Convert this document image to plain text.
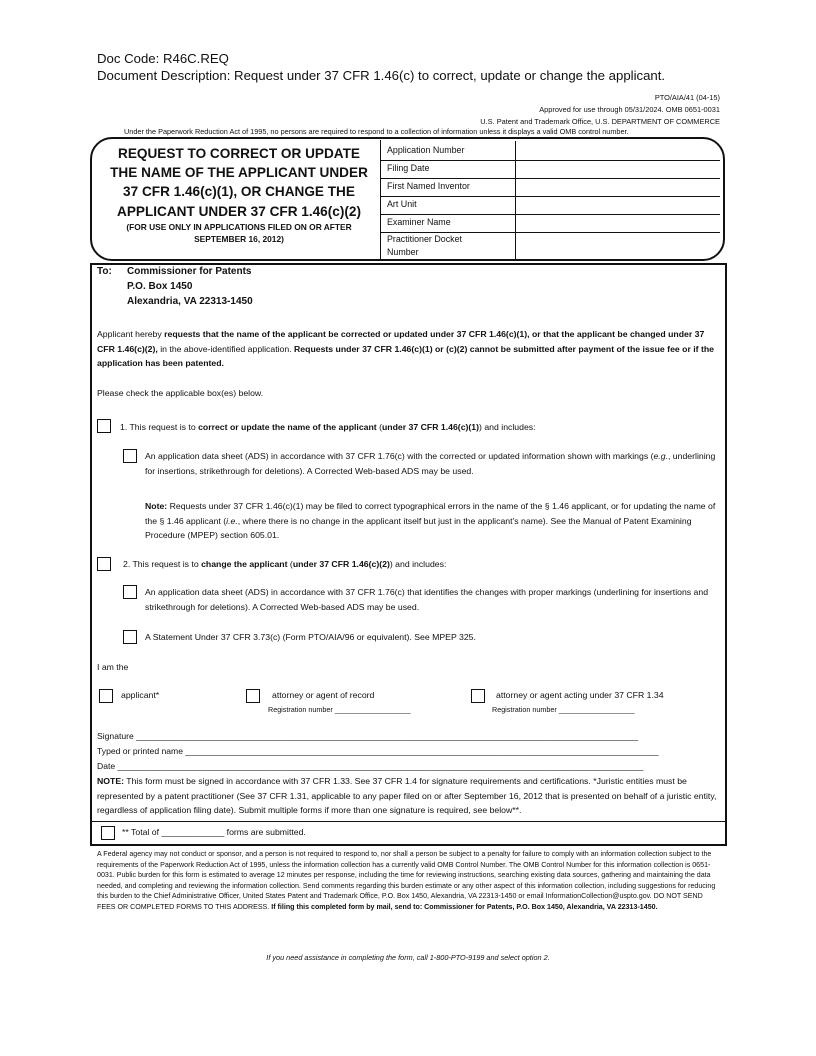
Doc Code: R46C.REQ
Document Description: Request under 37 CFR 1.46(c) to correct, update or change the applicant.
PTO/AIA/41 (04-15)
Approved for use through 05/31/2024. OMB 0651-0031
U.S. Patent and Trademark Office, U.S. DEPARTMENT OF COMMERCE
Under the Paperwork Reduction Act of 1995, no persons are required to respond to a collection of information unless it displays a valid OMB control number.
REQUEST TO CORRECT OR UPDATE
THE NAME OF THE APPLICANT UNDER
37 CFR 1.46(c)(1), OR CHANGE THE
APPLICANT UNDER 37 CFR 1.46(c)(2)
(FOR USE ONLY IN APPLICATIONS FILED ON OR AFTER
SEPTEMBER 16, 2012)
Application Number
Filing Date
First Named Inventor
Art Unit
Examiner Name
Practitioner Docket
Number
To: Commissioner for Patents
P.O. Box 1450
Alexandria, VA 22313-1450
Applicant hereby requests that the name of the applicant be corrected or updated under 37 CFR 1.46(c)(1), or that the applicant be changed under 37 CFR 1.46(c)(2), in the above-identified application. Requests under 37 CFR 1.46(c)(1) or (c)(2) cannot be submitted after payment of the issue fee or if the application has been patented.
Please check the applicable box(es) below.
1. This request is to correct or update the name of the applicant (under 37 CFR 1.46(c)(1)) and includes:
An application data sheet (ADS) in accordance with 37 CFR 1.76(c) with the corrected or updated information shown with markings (e.g., underlining for insertions, strikethrough for deletions). A Corrected Web-based ADS may be used.
Note: Requests under 37 CFR 1.46(c)(1) may be filed to correct typographical errors in the name of the § 1.46 applicant, or for updating the name of the § 1.46 applicant (i.e., where there is no change in the applicant itself but just in the applicant’s name). See the Manual of Patent Examining Procedure (MPEP) section 605.01.
2. This request is to change the applicant (under 37 CFR 1.46(c)(2)) and includes:
An application data sheet (ADS) in accordance with 37 CFR 1.76(c) that identifies the changes with proper markings (underlining for insertions and strikethrough for deletions). A Corrected Web-based ADS may be used.
A Statement Under 37 CFR 3.73(c) (Form PTO/AIA/96 or equivalent). See MPEP 325.
I am the
applicant*	attorney or agent of record
Registration number ___________________
attorney or agent acting under 37 CFR 1.34
Registration number ___________________
Signature _________________________________________________________________________________________________________
Typed or printed name ___________________________________________________________________________________________________
Date ______________________________________________________________________________________________________________
NOTE: This form must be signed in accordance with 37 CFR 1.33. See 37 CFR 1.4 for signature requirements and certifications. *Juristic entities must be represented by a patent practitioner (See 37 CFR 1.31, applicable to any paper filed on or after September 16, 2012 that is presented on behalf of a juristic entity, regardless of application filing date). Submit multiple forms if more than one signature is required, see below**.
** Total of _____________ forms are submitted.
A Federal agency may not conduct or sponsor, and a person is not required to respond to, nor shall a person be subject to a penalty for failure to comply with an information collection subject to the requirements of the Paperwork Reduction Act of 1995, unless the information collection has a currently valid OMB Control Number. The OMB Control Number for this information collection is 0651-0031. Public burden for this form is estimated to average 12 minutes per response, including the time for reviewing instructions, searching existing data sources, gathering and maintaining the data needed, and completing and reviewing the information collection. Send comments regarding this burden estimate or any other aspect of this information collection, including suggestions for reducing this burden to the Chief Administrative Officer, United States Patent and Trademark Office, P.O. Box 1450, Alexandria, VA 22313-1450 or email InformationCollection@uspto.gov. DO NOT SEND FEES OR COMPLETED FORMS TO THIS ADDRESS. If filing this completed form by mail, send to: Commissioner for Patents, P.O. Box 1450, Alexandria, VA 22313-1450.
If you need assistance in completing the form, call 1-800-PTO-9199 and select option 2.
